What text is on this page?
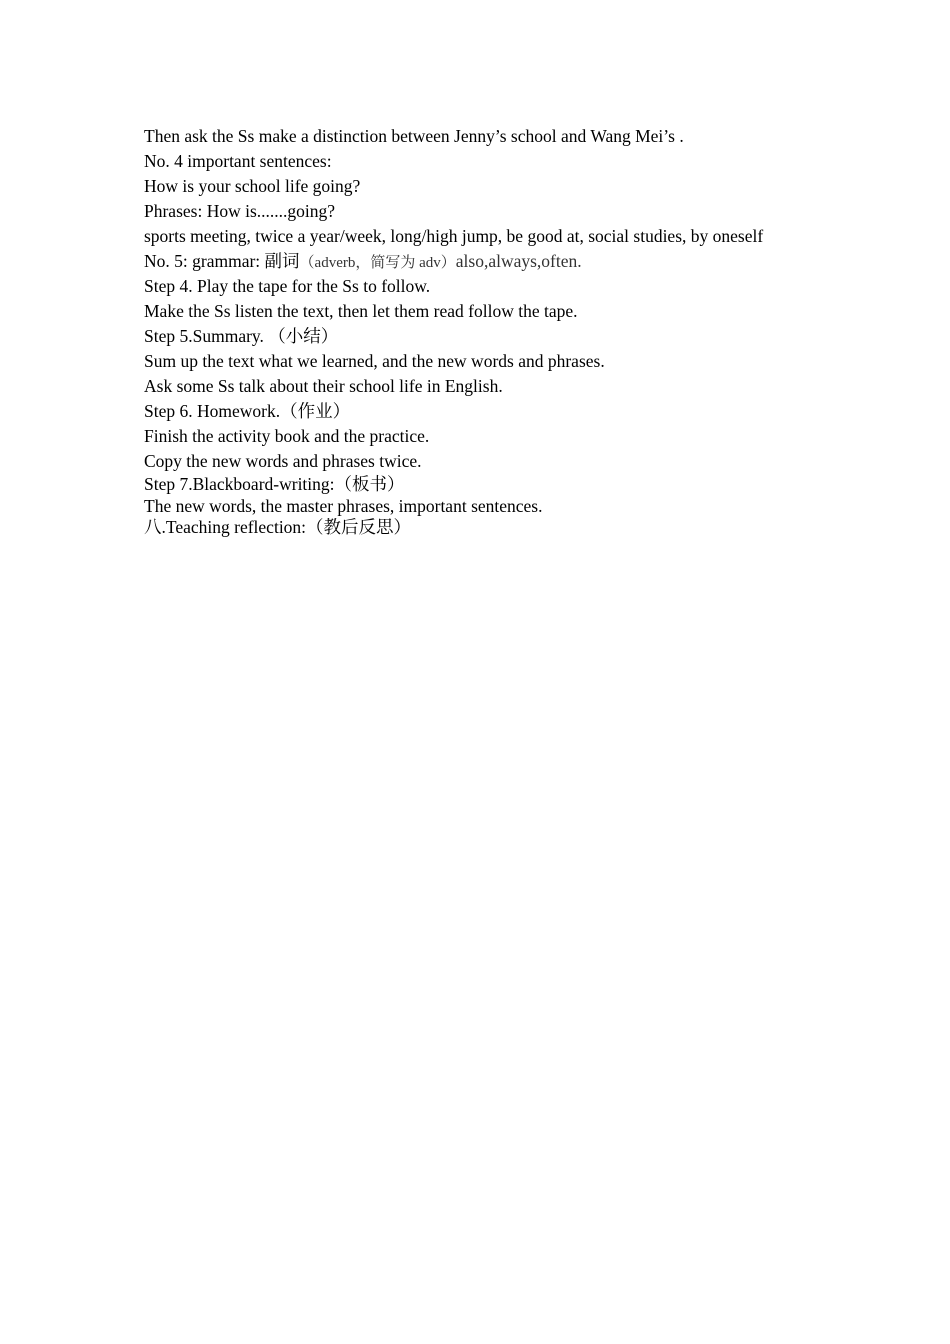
Then ask the Ss make a distinction between Jenny’s school and Wang Mei’s .
No. 4 important sentences:
How is your school life going?
Phrases: How is.......going?
sports meeting, twice a year/week, long/high jump, be good at, social studies, by oneself
No. 5: grammar: 副词（adverb，简写为 adv）also,always,often.
Step 4. Play the tape for the Ss to follow.
Make the Ss listen the text, then let them read follow the tape.
Step 5.Summary. （小结）
Sum up the text what we learned, and the new words and phrases.
Ask some Ss talk about their school life in English.
Step 6. Homework.（作业）
Finish the activity book and the practice.
Copy the new words and phrases twice.
Step 7.Blackboard-writing:（板书）
The new words, the master phrases, important sentences.
八.Teaching reflection:（教后反思）
